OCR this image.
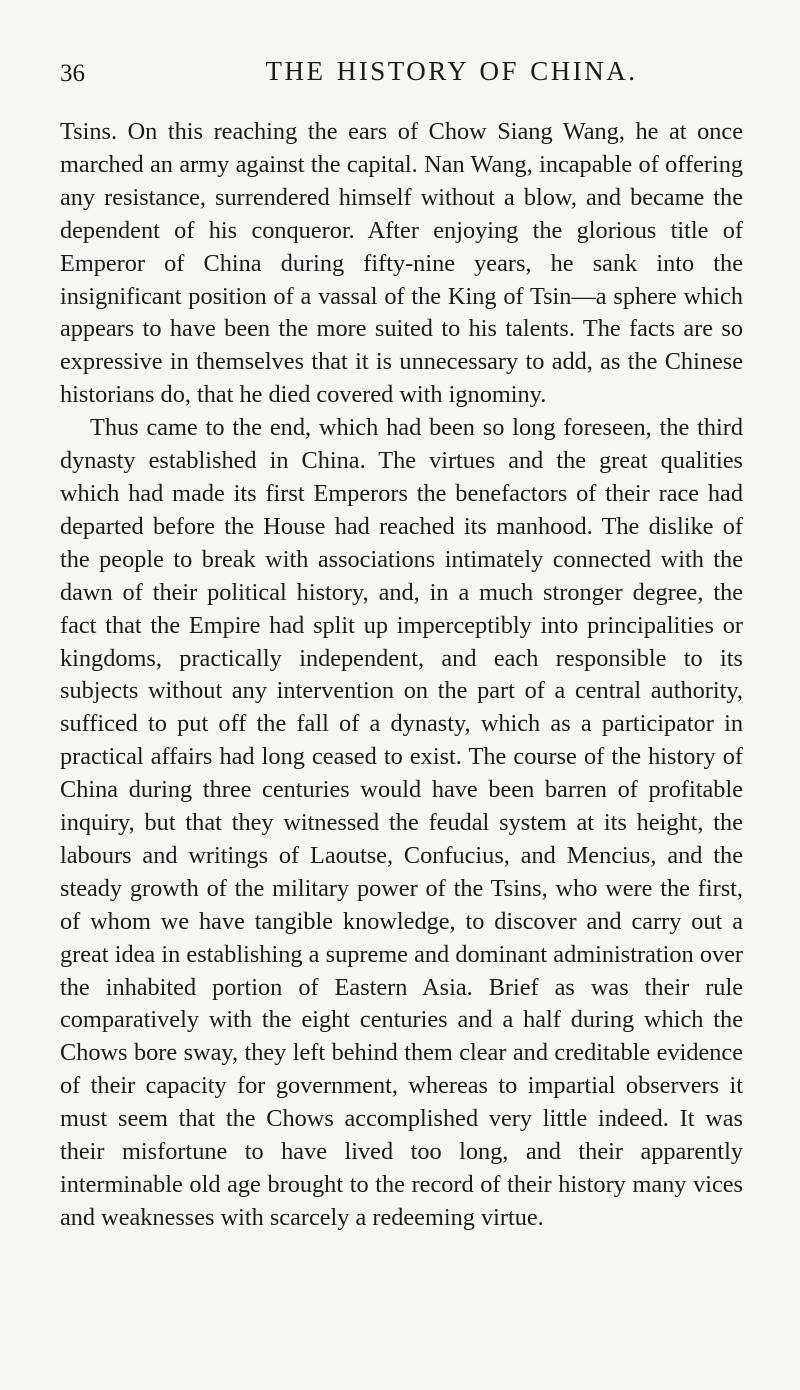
36	THE HISTORY OF CHINA.

Tsins. On this reaching the ears of Chow Siang Wang, he at once marched an army against the capital. Nan Wang, incapable of offering any resistance, surrendered himself without a blow, and became the dependent of his conqueror. After enjoying the glorious title of Emperor of China during fifty-nine years, he sank into the insignificant position of a vassal of the King of Tsin—a sphere which appears to have been the more suited to his talents. The facts are so expressive in themselves that it is unnecessary to add, as the Chinese historians do, that he died covered with ignominy.

Thus came to the end, which had been so long foreseen, the third dynasty established in China. The virtues and the great qualities which had made its first Emperors the benefactors of their race had departed before the House had reached its manhood. The dislike of the people to break with associations intimately connected with the dawn of their political history, and, in a much stronger degree, the fact that the Empire had split up imperceptibly into principalities or kingdoms, practically independent, and each responsible to its subjects without any intervention on the part of a central authority, sufficed to put off the fall of a dynasty, which as a participator in practical affairs had long ceased to exist. The course of the history of China during three centuries would have been barren of profitable inquiry, but that they witnessed the feudal system at its height, the labours and writings of Laoutse, Confucius, and Mencius, and the steady growth of the military power of the Tsins, who were the first, of whom we have tangible knowledge, to discover and carry out a great idea in establishing a supreme and dominant administration over the inhabited portion of Eastern Asia. Brief as was their rule comparatively with the eight centuries and a half during which the Chows bore sway, they left behind them clear and creditable evidence of their capacity for government, whereas to impartial observers it must seem that the Chows accomplished very little indeed. It was their misfortune to have lived too long, and their apparently interminable old age brought to the record of their history many vices and weaknesses with scarcely a redeeming virtue.
